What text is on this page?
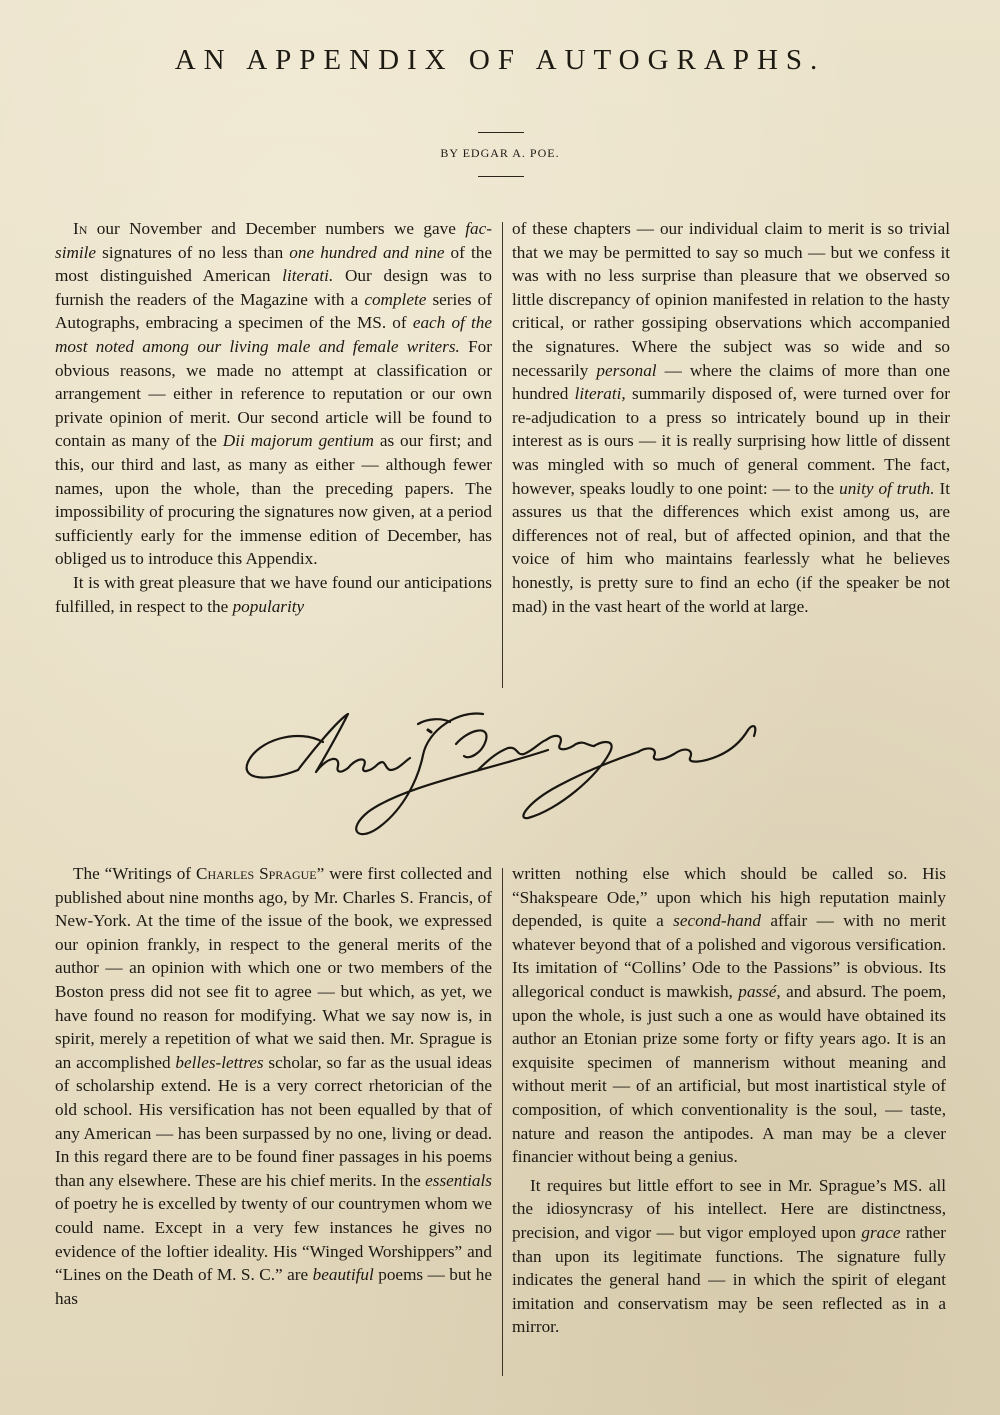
AN APPENDIX OF AUTOGRAPHS.
BY EDGAR A. POE.

In our November and December numbers we gave fac-simile signatures of no less than one hundred and nine of the most distinguished American literati. Our design was to furnish the readers of the Magazine with a complete series of Autographs, embracing a specimen of the MS. of each of the most noted among our living male and female writers. For obvious reasons, we made no attempt at classification or arrangement — either in reference to reputation or our own private opinion of merit. Our second article will be found to contain as many of the Dii majorum gentium as our first; and this, our third and last, as many as either — although fewer names, upon the whole, than the preceding papers. The impossibility of procuring the signatures now given, at a period sufficiently early for the immense edition of December, has obliged us to introduce this Appendix.

It is with great pleasure that we have found our anticipations fulfilled, in respect to the popularity

of these chapters — our individual claim to merit is so trivial that we may be permitted to say so much — but we confess it was with no less surprise than pleasure that we observed so little discrepancy of opinion manifested in relation to the hasty critical, or rather gossiping observations which accompanied the signatures. Where the subject was so wide and so necessarily personal — where the claims of more than one hundred literati, summarily disposed of, were turned over for re-adjudication to a press so intricately bound up in their interest as is ours — it is really surprising how little of dissent was mingled with so much of general comment. The fact, however, speaks loudly to one point: — to the unity of truth. It assures us that the differences which exist among us, are differences not of real, but of affected opinion, and that the voice of him who maintains fearlessly what he believes honestly, is pretty sure to find an echo (if the speaker be not mad) in the vast heart of the world at large.

The “Writings of Charles Sprague” were first collected and published about nine months ago, by Mr. Charles S. Francis, of New-York. At the time of the issue of the book, we expressed our opinion frankly, in respect to the general merits of the author — an opinion with which one or two members of the Boston press did not see fit to agree — but which, as yet, we have found no reason for modifying. What we say now is, in spirit, merely a repetition of what we said then. Mr. Sprague is an accomplished belles-lettres scholar, so far as the usual ideas of scholarship extend. He is a very correct rhetorician of the old school. His versification has not been equalled by that of any American — has been surpassed by no one, living or dead. In this regard there are to be found finer passages in his poems than any elsewhere. These are his chief merits. In the essentials of poetry he is excelled by twenty of our countrymen whom we could name. Except in a very few instances he gives no evidence of the loftier ideality. His “Winged Worshippers” and “Lines on the Death of M. S. C.” are beautiful poems — but he has

written nothing else which should be called so. His “Shakspeare Ode,” upon which his high reputation mainly depended, is quite a second-hand affair — with no merit whatever beyond that of a polished and vigorous versification. Its imitation of “Collins’ Ode to the Passions” is obvious. Its allegorical conduct is mawkish, passé, and absurd. The poem, upon the whole, is just such a one as would have obtained its author an Etonian prize some forty or fifty years ago. It is an exquisite specimen of mannerism without meaning and without merit — of an artificial, but most inartistical style of composition, of which conventionality is the soul, — taste, nature and reason the antipodes. A man may be a clever financier without being a genius.

It requires but little effort to see in Mr. Sprague’s MS. all the idiosyncrasy of his intellect. Here are distinctness, precision, and vigor — but vigor employed upon grace rather than upon its legitimate functions. The signature fully indicates the general hand — in which the spirit of elegant imitation and conservatism may be seen reflected as in a mirror.
